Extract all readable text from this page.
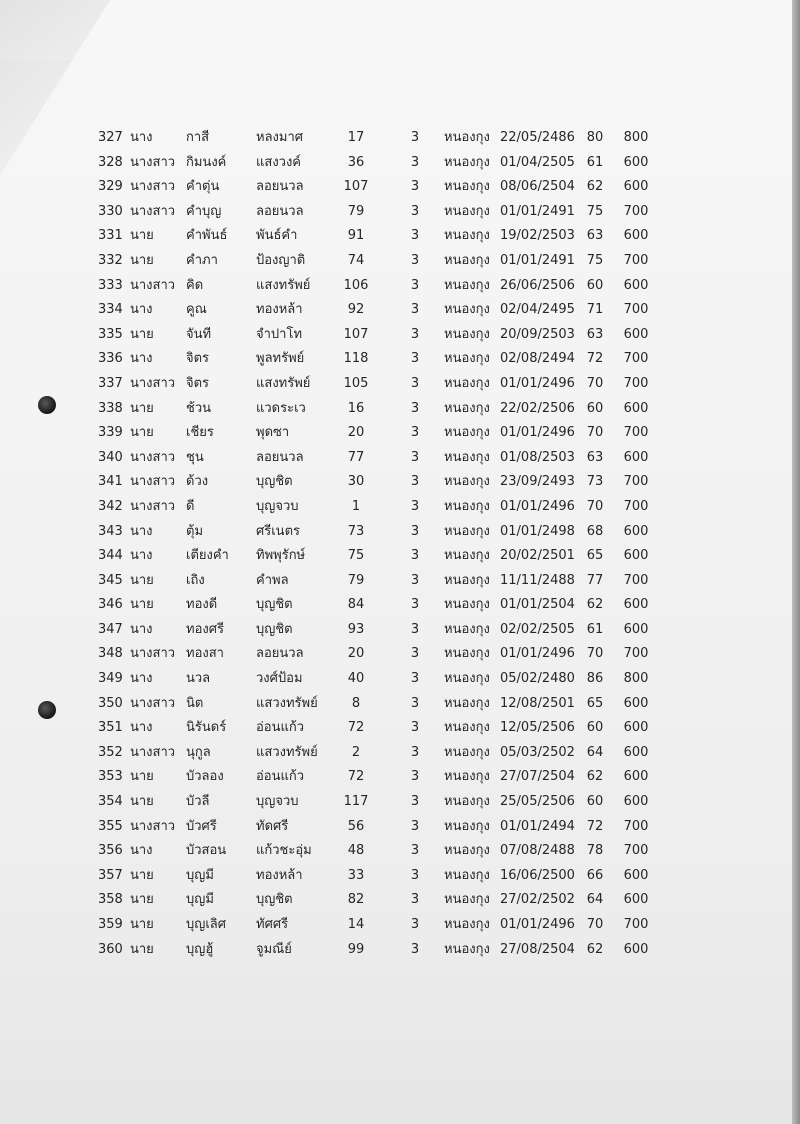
327 นาง	กาสี	หลงมาศ	17	3	หนองกุง 22/05/2486 80 800
328 นางสาว กิมนงค์	แสงวงค์	36	3	หนองกุง 01/04/2505 61 600
329 นางสาว คำตุ่น	ลอยนวล	107	3	หนองกุง 08/06/2504 62 600
330 นางสาว คำบุญ	ลอยนวล	79	3	หนองกุง 01/01/2491 75 700
331 นาย	คำพันธ์	พันธ์คำ	91	3	หนองกุง 19/02/2503 63 600
332 นาย	คำภา	ป้องญาติ	74	3	หนองกุง 01/01/2491 75 700
333 นางสาว คิด	แสงทรัพย์	106	3	หนองกุง 26/06/2506 60 600
334 นาง	คูณ	ทองหล้า	92	3	หนองกุง 02/04/2495 71 700
335 นาย	จันที	จำปาโท	107	3	หนองกุง 20/09/2503 63 600
336 นาง	จิตร	พูลทรัพย์	118	3	หนองกุง 02/08/2494 72 700
337 นางสาว จิตร	แสงทรัพย์	105	3	หนองกุง 01/01/2496 70 700
338 นาย	ช้วน	แวดระเว	16	3	หนองกุง 22/02/2506 60 600
339 นาย	เชียร	พุดซา	20	3	หนองกุง 01/01/2496 70 700
340 นางสาว ชุน	ลอยนวล	77	3	หนองกุง 01/08/2503 63 600
341 นางสาว ด้วง	บุญชิต	30	3	หนองกุง 23/09/2493 73 700
342 นางสาว ดี	บุญจวบ	1	3	หนองกุง 01/01/2496 70 700
343 นาง	ตุ้ม	ศรีเนตร	73	3	หนองกุง 01/01/2498 68 600
344 นาง	เตียงคำ	ทิพพุรักษ์	75	3	หนองกุง 20/02/2501 65 600
345 นาย	เถิง	คำพล	79	3	หนองกุง 11/11/2488 77 700
346 นาย	ทองดี	บุญชิต	84	3	หนองกุง 01/01/2504 62 600
347 นาง	ทองศรี	บุญชิต	93	3	หนองกุง 02/02/2505 61 600
348 นางสาว ทองสา	ลอยนวล	20	3	หนองกุง 01/01/2496 70 700
349 นาง	นวล	วงศ์ป้อม	40	3	หนองกุง 05/02/2480 86 800
350 นางสาว นิต	แสวงทรัพย์	8	3	หนองกุง 12/08/2501 65 600
351 นาง	นิรันดร์	อ่อนแก้ว	72	3	หนองกุง 12/05/2506 60 600
352 นางสาว นุกูล	แสวงทรัพย์	2	3	หนองกุง 05/03/2502 64 600
353 นาย	บัวลอง	อ่อนแก้ว	72	3	หนองกุง 27/07/2504 62 600
354 นาย	บัวลี	บุญจวบ	117	3	หนองกุง 25/05/2506 60 600
355 นางสาว บัวศรี	ทัดศรี	56	3	หนองกุง 01/01/2494 72 700
356 นาง	บัวสอน	แก้วชะอุ่ม	48	3	หนองกุง 07/08/2488 78 700
357 นาย	บุญมี	ทองหล้า	33	3	หนองกุง 16/06/2500 66 600
358 นาย	บุญมี	บุญชิต	82	3	หนองกุง 27/02/2502 64 600
359 นาย	บุญเลิศ	ทัศศรี	14	3	หนองกุง 01/01/2496 70 700
360 นาย	บุญฮู้	จูมณีย์	99	3	หนองกุง 27/08/2504 62 600
